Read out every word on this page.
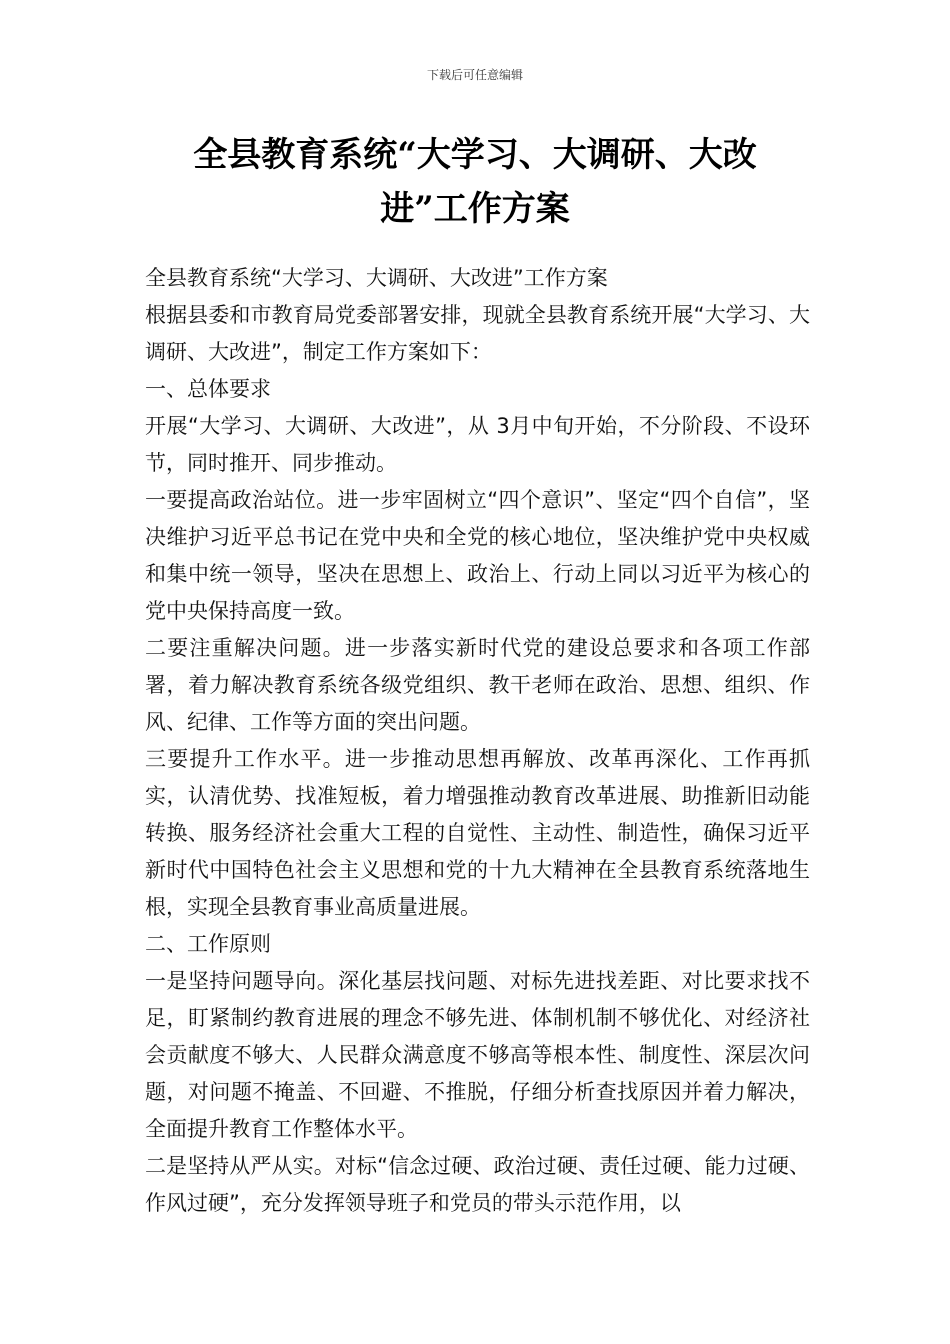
下载后可任意编辑
全县教育系统“大学习、大调研、大改
进”工作方案

全县教育系统“大学习、大调研、大改进”工作方案

根据县委和市教育局党委部署安排，现就全县教育系统开展“大学习、大调研、大改进”，制定工作方案如下：

一、总体要求

开展“大学习、大调研、大改进”，从 3月中旬开始，不分阶段、不设环节，同时推开、同步推动。

一要提高政治站位。进一步牢固树立“四个意识”、坚定“四个自信”，坚决维护习近平总书记在党中央和全党的核心地位，坚决维护党中央权威和集中统一领导，坚决在思想上、政治上、行动上同以习近平为核心的党中央保持高度一致。

二要注重解决问题。进一步落实新时代党的建设总要求和各项工作部署，着力解决教育系统各级党组织、教干老师在政治、思想、组织、作风、纪律、工作等方面的突出问题。

三要提升工作水平。进一步推动思想再解放、改革再深化、工作再抓实，认清优势、找准短板，着力增强推动教育改革进展、助推新旧动能转换、服务经济社会重大工程的自觉性、主动性、制造性，确保习近平新时代中国特色社会主义思想和党的十九大精神在全县教育系统落地生根，实现全县教育事业高质量进展。

二、工作原则

一是坚持问题导向。深化基层找问题、对标先进找差距、对比要求找不足，盯紧制约教育进展的理念不够先进、体制机制不够优化、对经济社会贡献度不够大、人民群众满意度不够高等根本性、制度性、深层次问题，对问题不掩盖、不回避、不推脱，仔细分析查找原因并着力解决，全面提升教育工作整体水平。

二是坚持从严从实。对标“信念过硬、政治过硬、责任过硬、能力过硬、作风过硬”，充分发挥领导班子和党员的带头示范作用，以
